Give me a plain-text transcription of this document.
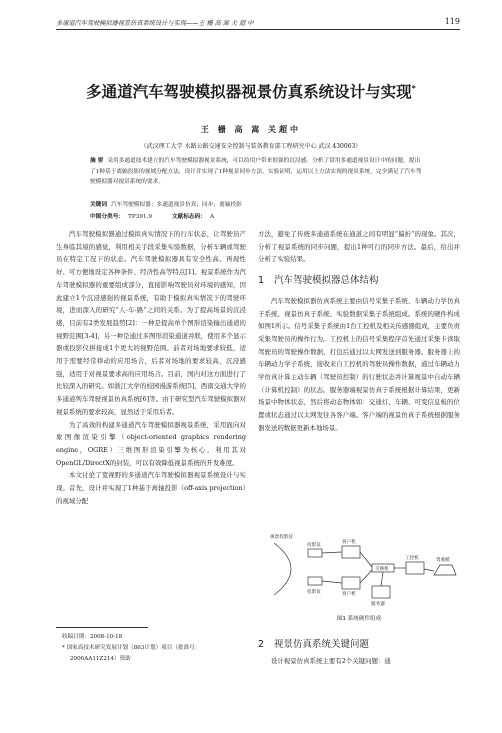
多通道汽车驾驶模拟器视景仿真系统设计与实现——王 栅 高 嵩 关 超 中	119
多通道汽车驾驶模拟器视景仿真系统设计与实现*
王 栅 高 嵩 关超中
（武汉理工大学 水路公路交通安全控制与装备教育部工程研究中心 武汉 430063）
摘 要 采用多通道技术建立的汽车驾驶模拟器视景系统，可以给用户带来很强的沉浸感。分析了常用多通道视景设计中的问题，提出了1种基于离轴投影的视域分配方法，设计并实现了1种视景同步方法。实验证明，运用以上方法实现的视景系统，完全满足了汽车驾驶模拟器对视景系统的要求。
关键词 汽车驾驶模拟器；多通道视景仿真；同步；离轴投影
中图分类号： TP391.9	文献标志码： A

汽车驾驶模拟器通过模拟真实情况下的行车状态，让驾驶员产生身临其境的感觉，利用相关手段采集实验数据，分析车辆或驾驶员在特定工况下的状态。汽车驾驶模拟器具有安全性高、再现性好、可方便地设定各种条件、经济性高等特点[1]。视景系统作为汽车驾驶模拟器的重要组成部分，直接影响驾驶员对环境的感知，因此建立1个沉浸感强的视景系统，有助于模拟真实情况下的驾驶环境，进而深入的研究“人-车-路”之间的关系。为了提高场景的沉浸感，目前有2类发展趋势[2]：一种是提高单个图形渲染输出通道的视野范围[3-4]，另一种是通过多图形渲染通道并联，使用多个显示器或投影仪拼接成1个更大的视野范围。前者对场地要求较低，适用于需要经常移动的应用场合，后者对场地的要求较高，沉浸感强，适用于对视景要求高的应用场合。目前，国内对这方面进行了比较深入的研究。如浙江大学的校园漫游系统[5]，西南交通大学的多通道列车驾驶视景仿真系统[6]等。由于研究型汽车驾驶模拟器对视景系统的要求较高，显然适于采用后者。

为了高效的构建多通道汽车驾驶模拟器视景系统，采用面向对象图像渲染引擎（object-oriented graphics rendering engine，OGRE）三维图形渲染引擎为核心，利用其对OpenGL/DirectX的封装，可以有效降低视景系统的开发难度。

本文讨论了宽视野的多通道汽车驾驶模拟器视景系统设计与实现。首先，设计并实现了1种基于离轴投影（off-axis projection）的视域分配

方法，避免了传统多通道系统在通道之间有明显“偏折”的现象。其次，分析了视景系统的同步问题，提出1种可行的同步方法。最后，给出并分析了实验结果。

1 汽车驾驶模拟器总体结构

汽车驾驶模拟器仿真系统主要由信号采集子系统、车辆动力学仿真子系统、视景仿真子系统、实验数据采集子系统组成。系统的硬件构成如图1所示。信号采集子系统由1台工控机及相关传感器组成，主要负责采集驾驶员的操作行为。工控机上的信号采集程序首先通过采集卡读取驾驶员的驾驶操作数据，打包后通过以太网发送到服务器。服务器上的车辆动力学子系统，接收来自工控机的驾驶员操作数据，通过车辆动力学仿真计算主动车辆（驾驶员控制）的行驶状态并计算视景中自动车辆（计算机控制）的状态。服务器端视景仿真子系统根据计算结果，更新场景中物体状态，然后将动态物体如：交通灯、车辆、可变信息板的位置或状态通过以太网发往各客户端。客户端的视景仿真子系统根据服务器发送的数据更新本地场景。

视景投影仪
投影仪
投影仪
客户机
客户机
交换机
服务器
工控机	驾驶舱
图1 系统硬件组成

收稿日期：2008-10-18

* 国家高技术研究发展计划（863计划）项目（批准号：

2006AA11Z214）资助

2 视景仿真系统关键问题

设计视景仿真系统主要有2个关键问题：通
